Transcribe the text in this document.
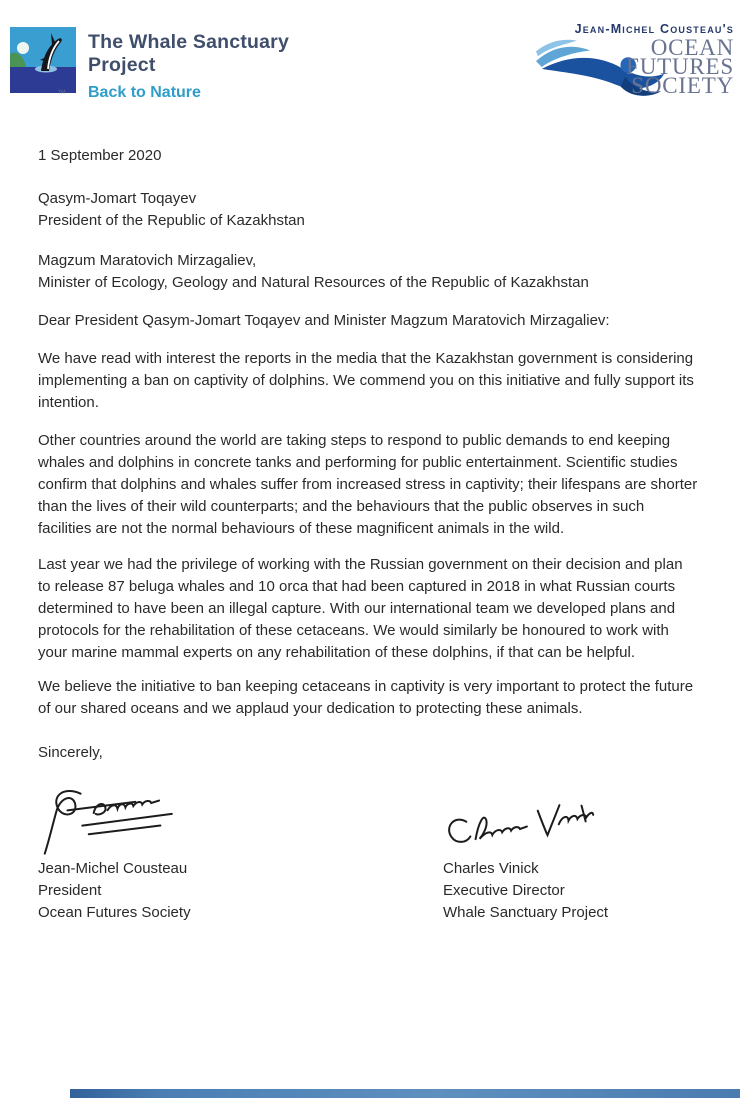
The Whale Sanctuary Project
™ Back to Nature
Jean-Michel Cousteau's
OCEAN
FUTURES
SOCIETY

1 September 2020

Qasym-Jomart Toqayev

President of the Republic of Kazakhstan

Magzum Maratovich Mirzagaliev,

Minister of Ecology, Geology and Natural Resources of the Republic of Kazakhstan

Dear President Qasym-Jomart Toqayev and Minister Magzum Maratovich Mirzagaliev:

We have read with interest the reports in the media that the Kazakhstan government is considering implementing a ban on captivity of dolphins. We commend you on this initiative and fully support its intention.

Other countries around the world are taking steps to respond to public demands to end keeping whales and dolphins in concrete tanks and performing for public entertainment. Scientific studies confirm that dolphins and whales suffer from increased stress in captivity; their lifespans are shorter than the lives of their wild counterparts; and the behaviours that the public observes in such facilities are not the normal behaviours of these magnificent animals in the wild.

Last year we had the privilege of working with the Russian government on their decision and plan to release 87 beluga whales and 10 orca that had been captured in 2018 in what Russian courts determined to have been an illegal capture. With our international team we developed plans and protocols for the rehabilitation of these cetaceans. We would similarly be honoured to work with your marine mammal experts on any rehabilitation of these dolphins, if that can be helpful.

We believe the initiative to ban keeping cetaceans in captivity is very important to protect the future of our shared oceans and we applaud your dedication to protecting these animals.

Sincerely,

Jean-Michel Cousteau
President
Ocean Futures Society
Charles Vinick
Executive Director
Whale Sanctuary Project
